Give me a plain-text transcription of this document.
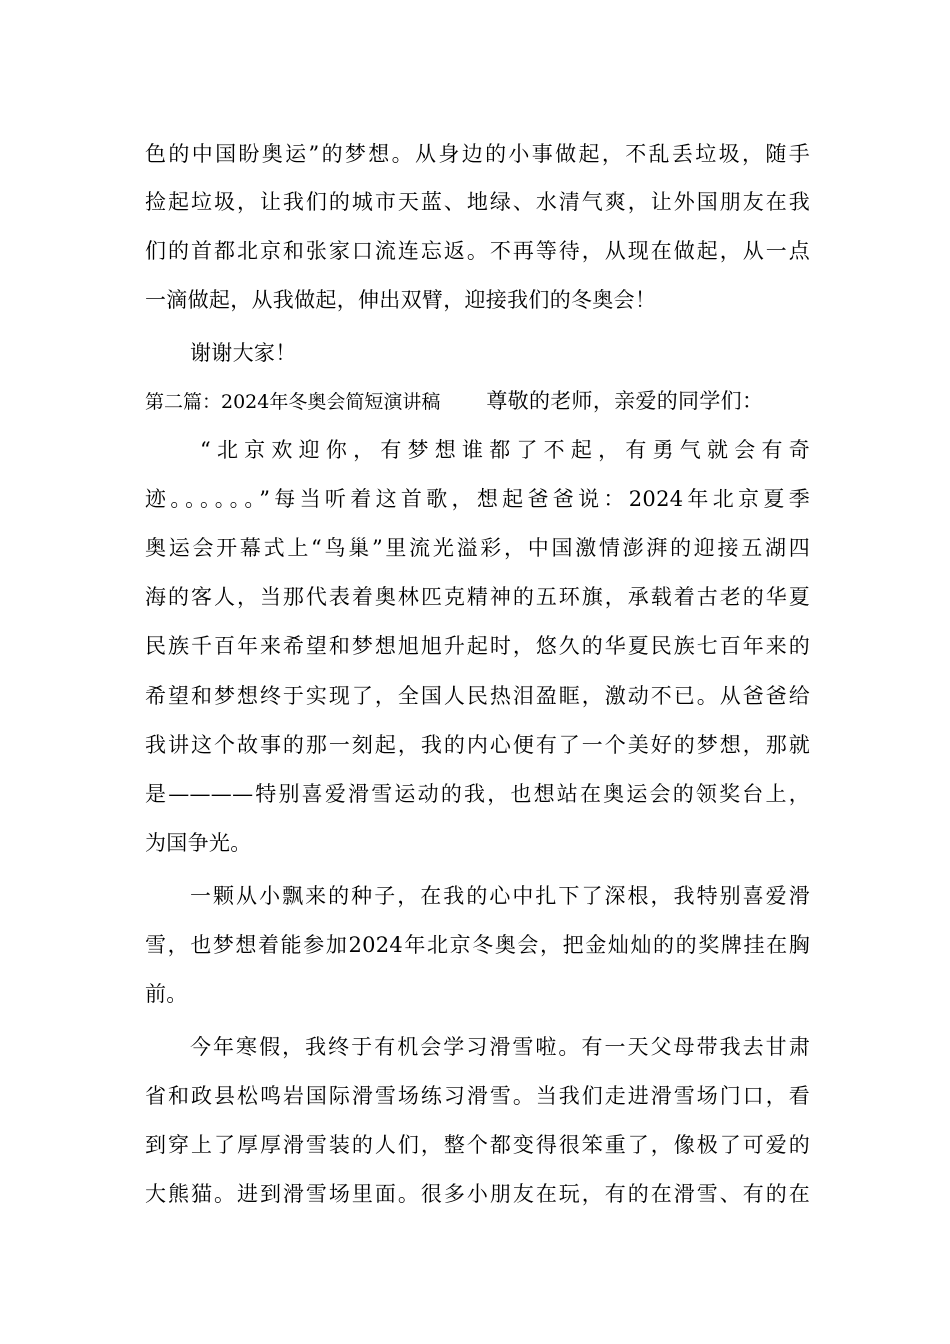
色的中国盼奥运”的梦想。从身边的小事做起，不乱丢垃圾，随手
捡起垃圾，让我们的城市天蓝、地绿、水清气爽，让外国朋友在我
们的首都北京和张家口流连忘返。不再等待，从现在做起，从一点
一滴做起，从我做起，伸出双臂，迎接我们的冬奥会！
谢谢大家！
第二篇：2024年冬奥会简短演讲稿 尊敬的老师，亲爱的同学们：
“北京欢迎你，有梦想谁都了不起，有勇气就会有奇
迹。。。。。。”每当听着这首歌，想起爸爸说：2024年北京夏季
奥运会开幕式上“鸟巢”里流光溢彩，中国激情澎湃的迎接五湖四
海的客人，当那代表着奥林匹克精神的五环旗，承载着古老的华夏
民族千百年来希望和梦想旭旭升起时，悠久的华夏民族七百年来的
希望和梦想终于实现了，全国人民热泪盈眶，激动不已。从爸爸给
我讲这个故事的那一刻起，我的内心便有了一个美好的梦想，那就
是————特别喜爱滑雪运动的我，也想站在奥运会的领奖台上，
为国争光。
一颗从小飘来的种子，在我的心中扎下了深根，我特别喜爱滑
雪，也梦想着能参加2024年北京冬奥会，把金灿灿的的奖牌挂在胸
前。
今年寒假，我终于有机会学习滑雪啦。有一天父母带我去甘肃
省和政县松鸣岩国际滑雪场练习滑雪。当我们走进滑雪场门口，看
到穿上了厚厚滑雪装的人们，整个都变得很笨重了，像极了可爱的
大熊猫。进到滑雪场里面。很多小朋友在玩，有的在滑雪、有的在
